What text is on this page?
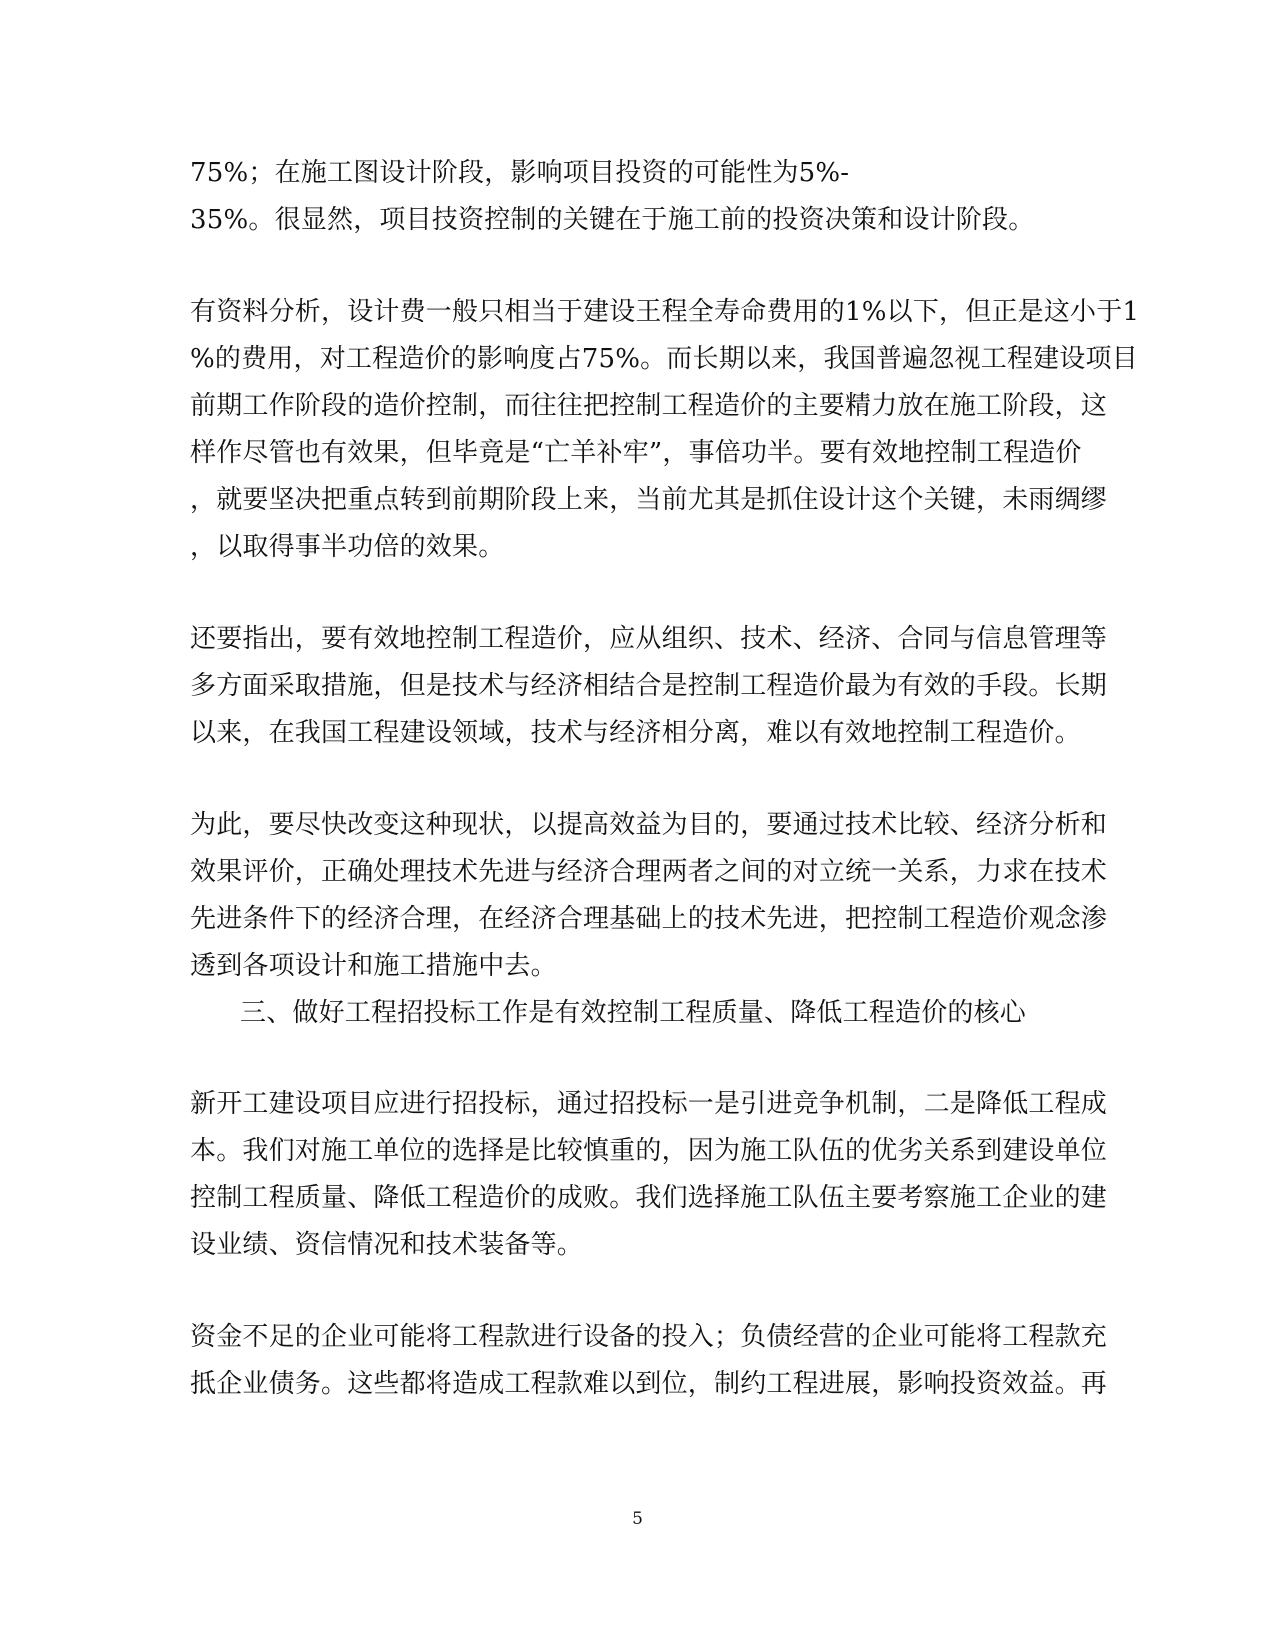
75%；在施工图设计阶段，影响项目投资的可能性为5%-
35%。很显然，项目技资控制的关键在于施工前的投资决策和设计阶段。
有资料分析，设计费一般只相当于建设王程全寿命费用的1%以下，但正是这小于1
%的费用，对工程造价的影响度占75%。而长期以来，我国普遍忽视工程建设项目
前期工作阶段的造价控制，而往往把控制工程造价的主要精力放在施工阶段，这
样作尽管也有效果，但毕竟是“亡羊补牢”，事倍功半。要有效地控制工程造价
，就要坚决把重点转到前期阶段上来，当前尤其是抓住设计这个关键，未雨绸缪
，以取得事半功倍的效果。
还要指出，要有效地控制工程造价，应从组织、技术、经济、合同与信息管理等
多方面采取措施，但是技术与经济相结合是控制工程造价最为有效的手段。长期
以来，在我国工程建设领域，技术与经济相分离，难以有效地控制工程造价。
为此，要尽快改变这种现状，以提高效益为目的，要通过技术比较、经济分析和
效果评价，正确处理技术先进与经济合理两者之间的对立统一关系，力求在技术
先进条件下的经济合理，在经济合理基础上的技术先进，把控制工程造价观念渗
透到各项设计和施工措施中去。
三、做好工程招投标工作是有效控制工程质量、降低工程造价的核心
新开工建设项目应进行招投标，通过招投标一是引进竞争机制，二是降低工程成
本。我们对施工单位的选择是比较慎重的，因为施工队伍的优劣关系到建设单位
控制工程质量、降低工程造价的成败。我们选择施工队伍主要考察施工企业的建
设业绩、资信情况和技术装备等。
资金不足的企业可能将工程款进行设备的投入；负债经营的企业可能将工程款充
抵企业债务。这些都将造成工程款难以到位，制约工程进展，影响投资效益。再
5
